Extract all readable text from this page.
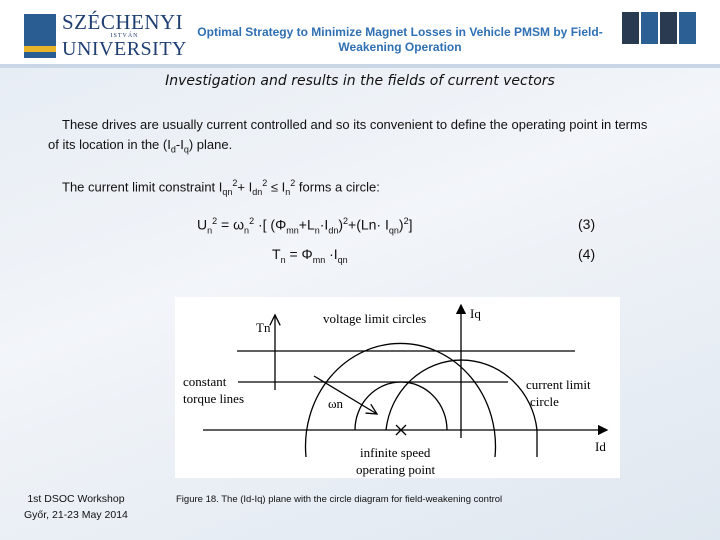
SZÉCHENYI
ISTVÁN
UNIVERSITY
Optimal Strategy to Minimize Magnet Losses in Vehicle PMSM by Field-Weakening Operation

Investigation and results in the fields of current vectors
These drives are usually current controlled and so its convenient to define the operating point in terms of its location in the $(I_d-I_q)$ plane.
The current limit constraint $I_{qn}^2+ I_{dn}^2 \le I_n^2$ forms a circle:
$U_n^2 = \omega_n^2$ ·[ $(\Phi_{mn}+L_n\cdot I_{dn})^2+(Ln\cdot I_{qn})^2$]	(3)
$T_n = \Phi_{mn} \cdot I_{qn}$	(4)
voltage limit circles	Iq
Tn
constant
torque lines	ωn
current limit
circle
Id
infinite speed
operating point
Figure 18. The (Id-Iq) plane with the circle diagram for field-weakening control
1st DSOC Workshop
Győr, 21-23 May 2014
